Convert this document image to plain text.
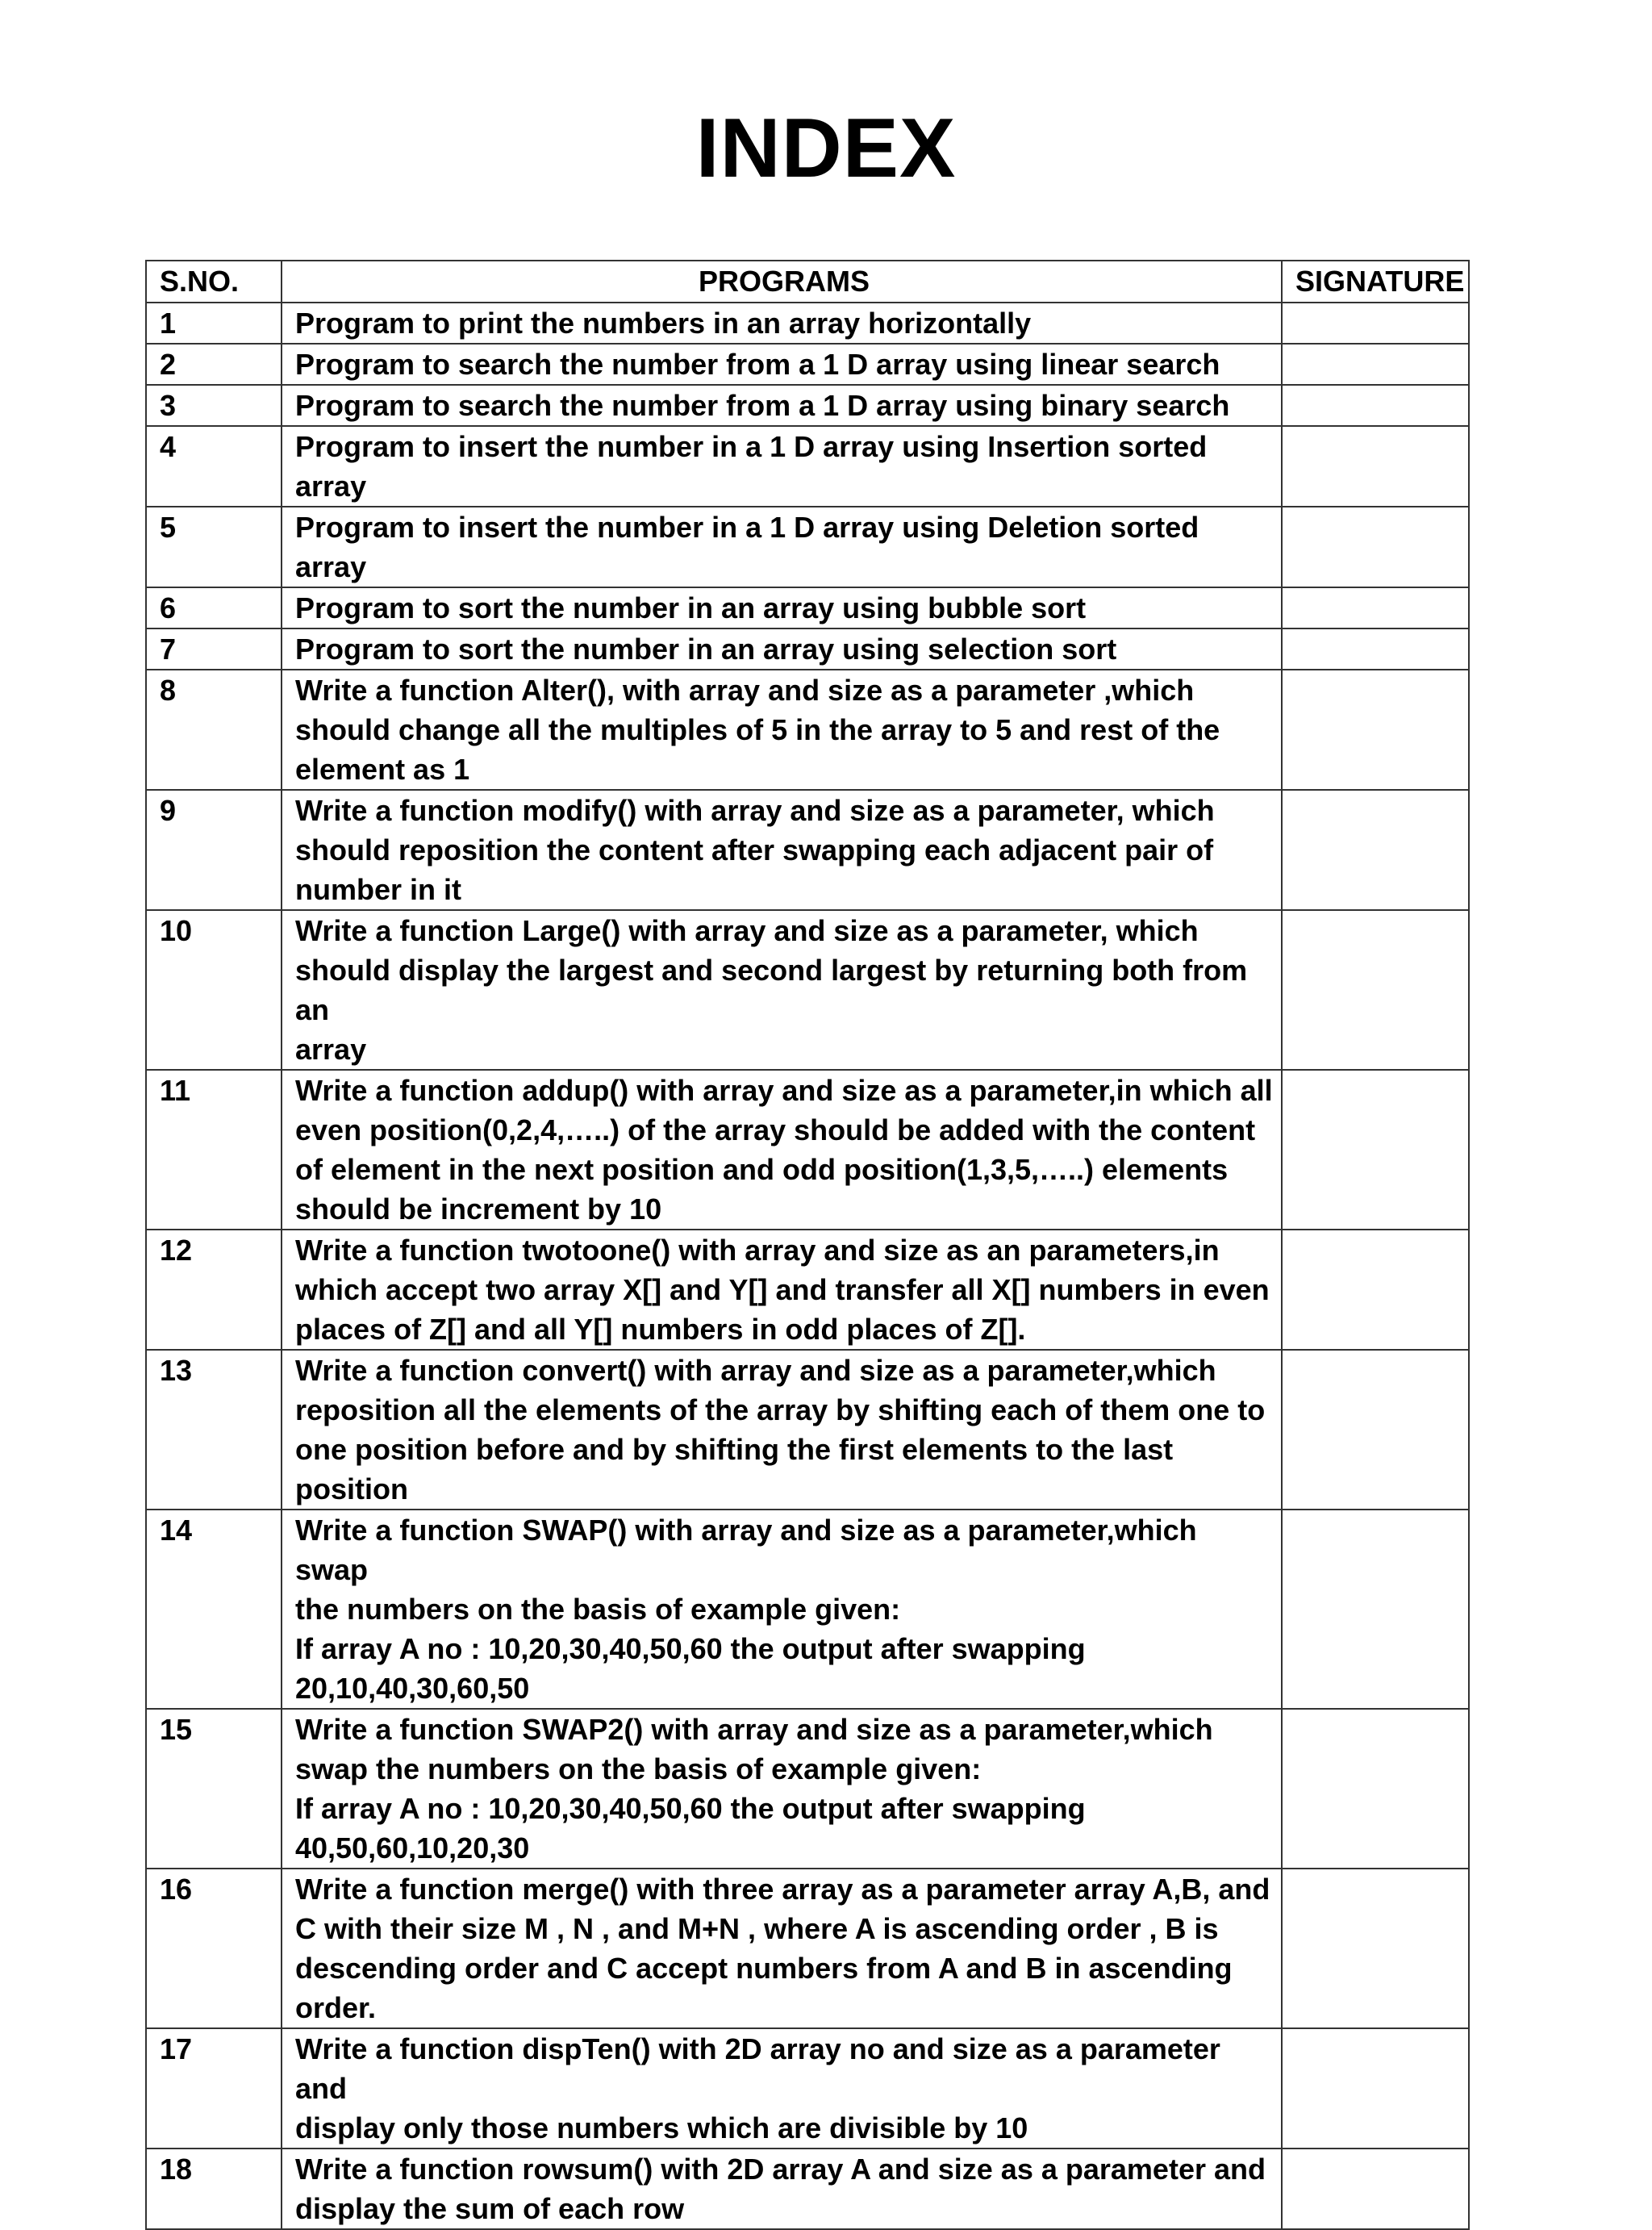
INDEX
S.NO.	PROGRAMS	SIGNATURE
1	Program to print the numbers in an array horizontally	
2	Program to search the number from a 1 D array using linear search	
3	Program to search the number from a 1 D array using binary search	
4	Program to insert the number in a 1 D array using Insertion sorted array	
5	Program to insert the number in a 1 D array using Deletion sorted array	
6	Program to sort the number in an array using bubble sort	
7	Program to sort the number in an array using selection sort	
8	Write a function Alter(), with array and size as a parameter ,which
should change all the multiples of 5 in the array to 5 and rest of the
element as 1	
9	Write a function modify() with array and size as a parameter, which
should reposition the content after swapping each adjacent pair of
number in it	
10	Write a function Large() with array and size as a parameter, which
should display the largest and second largest by returning both from an
array	
11	Write a function addup() with array and size as a parameter,in which all
even position(0,2,4,…..) of the array should be added with the content
of element in the next position and odd position(1,3,5,…..) elements
should be increment by 10	
12	Write a function twotoone() with array and size as an parameters,in
which accept two array X[] and Y[] and transfer all X[] numbers in even
places of Z[] and all Y[] numbers in odd places of Z[].	
13	Write a function convert() with array and size as a parameter,which
reposition all the elements of the array by shifting each of them one to
one position before and by shifting the first elements to the last
position	
14	Write a function SWAP() with array and size as a parameter,which swap
the numbers on the basis of example given:
If array A no : 10,20,30,40,50,60 the output after swapping
20,10,40,30,60,50	
15	Write a function SWAP2() with array and size as a parameter,which
swap the numbers on the basis of example given:
If array A no : 10,20,30,40,50,60 the output after swapping
40,50,60,10,20,30	
16	Write a function merge() with three array as a parameter array A,B, and
C with their size M , N , and M+N , where A is ascending order , B is
descending order and C accept numbers from A and B in ascending
order.	
17	Write a function dispTen() with 2D array no and size as a parameter and
display only those numbers which are divisible by 10	
18	Write a function rowsum() with 2D array A and size as a parameter and
display the sum of each row	
